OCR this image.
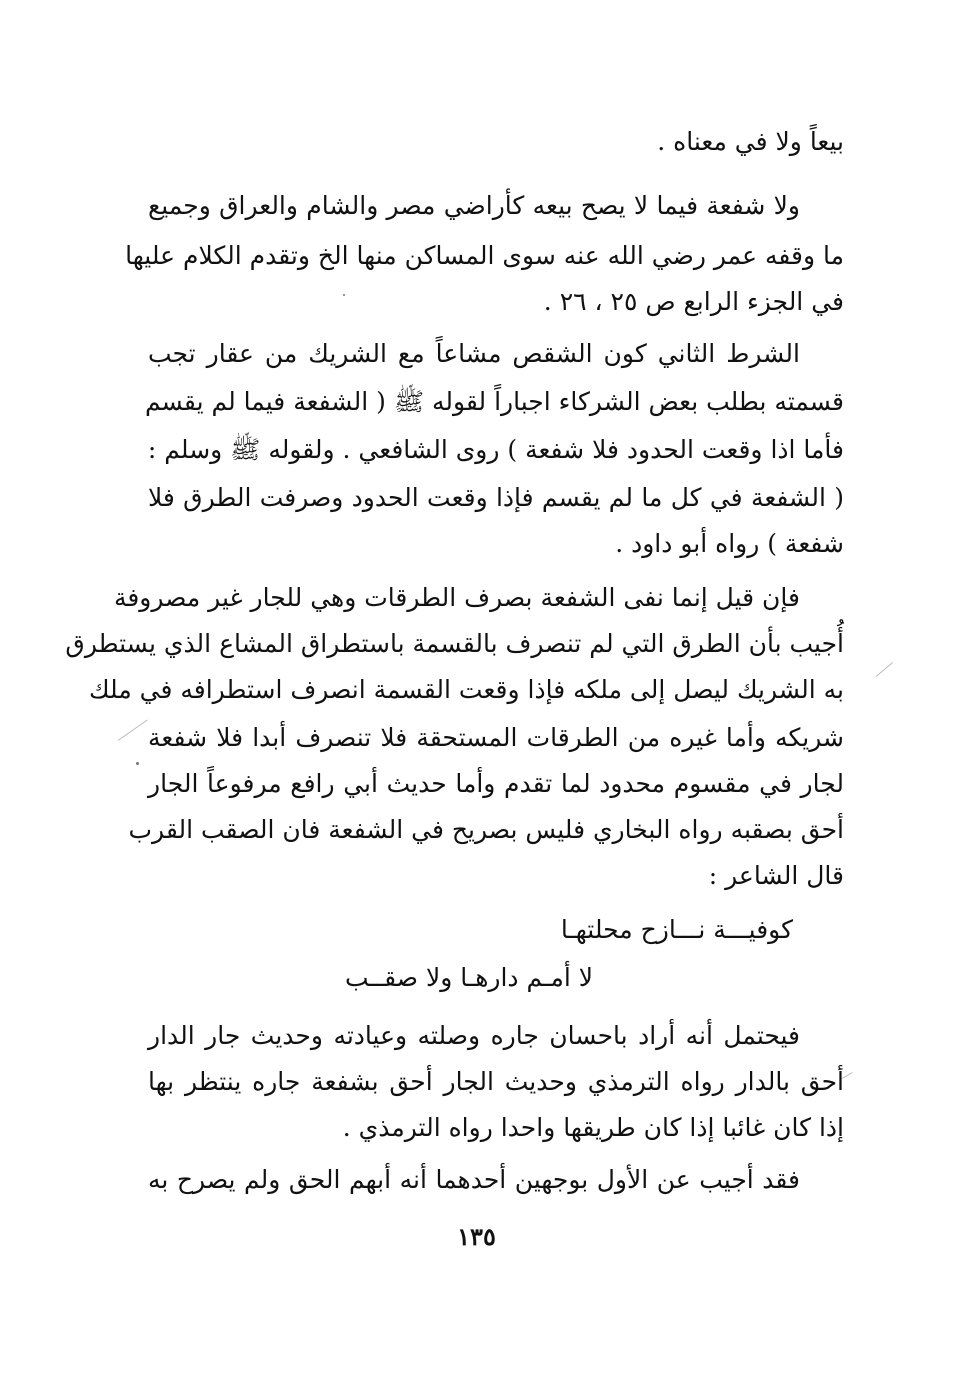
بيعاً ولا في معناه .
ولا شفعة فيما لا يصح بيعه كأراضي مصر والشام والعراق وجميع
ما وقفه عمر رضي الله عنه سوى المساكن منها الخ وتقدم الكلام عليها
في الجزء الرابع ص ٢٥ ، ٢٦ .
الشرط الثاني كون الشقص مشاعاً مع الشريك من عقار تجب
قسمته بطلب بعض الشركاء اجباراً لقوله ﷺ ( الشفعة فيما لم يقسم
فأما اذا وقعت الحدود فلا شفعة ) روى الشافعي . ولقوله ﷺ وسلم :
( الشفعة في كل ما لم يقسم فإذا وقعت الحدود وصرفت الطرق فلا
شفعة ) رواه أبو داود .
فإن قيل إنما نفى الشفعة بصرف الطرقات وهي للجار غير مصروفة
أُجيب بأن الطرق التي لم تنصرف بالقسمة باستطراق المشاع الذي يستطرق
به الشريك ليصل إلى ملكه فإذا وقعت القسمة انصرف استطرافه في ملك
شريكه وأما غيره من الطرقات المستحقة فلا تنصرف أبدا فلا شفعة
لجار في مقسوم محدود لما تقدم وأما حديث أبي رافع مرفوعاً الجار
أحق بصقبه رواه البخاري فليس بصريح في الشفعة فان الصقب القرب
قال الشاعر :
كوفيـــة نـــازح محلتهـا
لا أمـم دارهـا ولا صقــب
فيحتمل أنه أراد باحسان جاره وصلته وعيادته وحديث جار الدار
أحق بالدار رواه الترمذي وحديث الجار أحق بشفعة جاره ينتظر بها
إذا كان غائبا إذا كان طريقها واحدا رواه الترمذي .
فقد أجيب عن الأول بوجهين أحدهما أنه أبهم الحق ولم يصرح به
١٣٥
